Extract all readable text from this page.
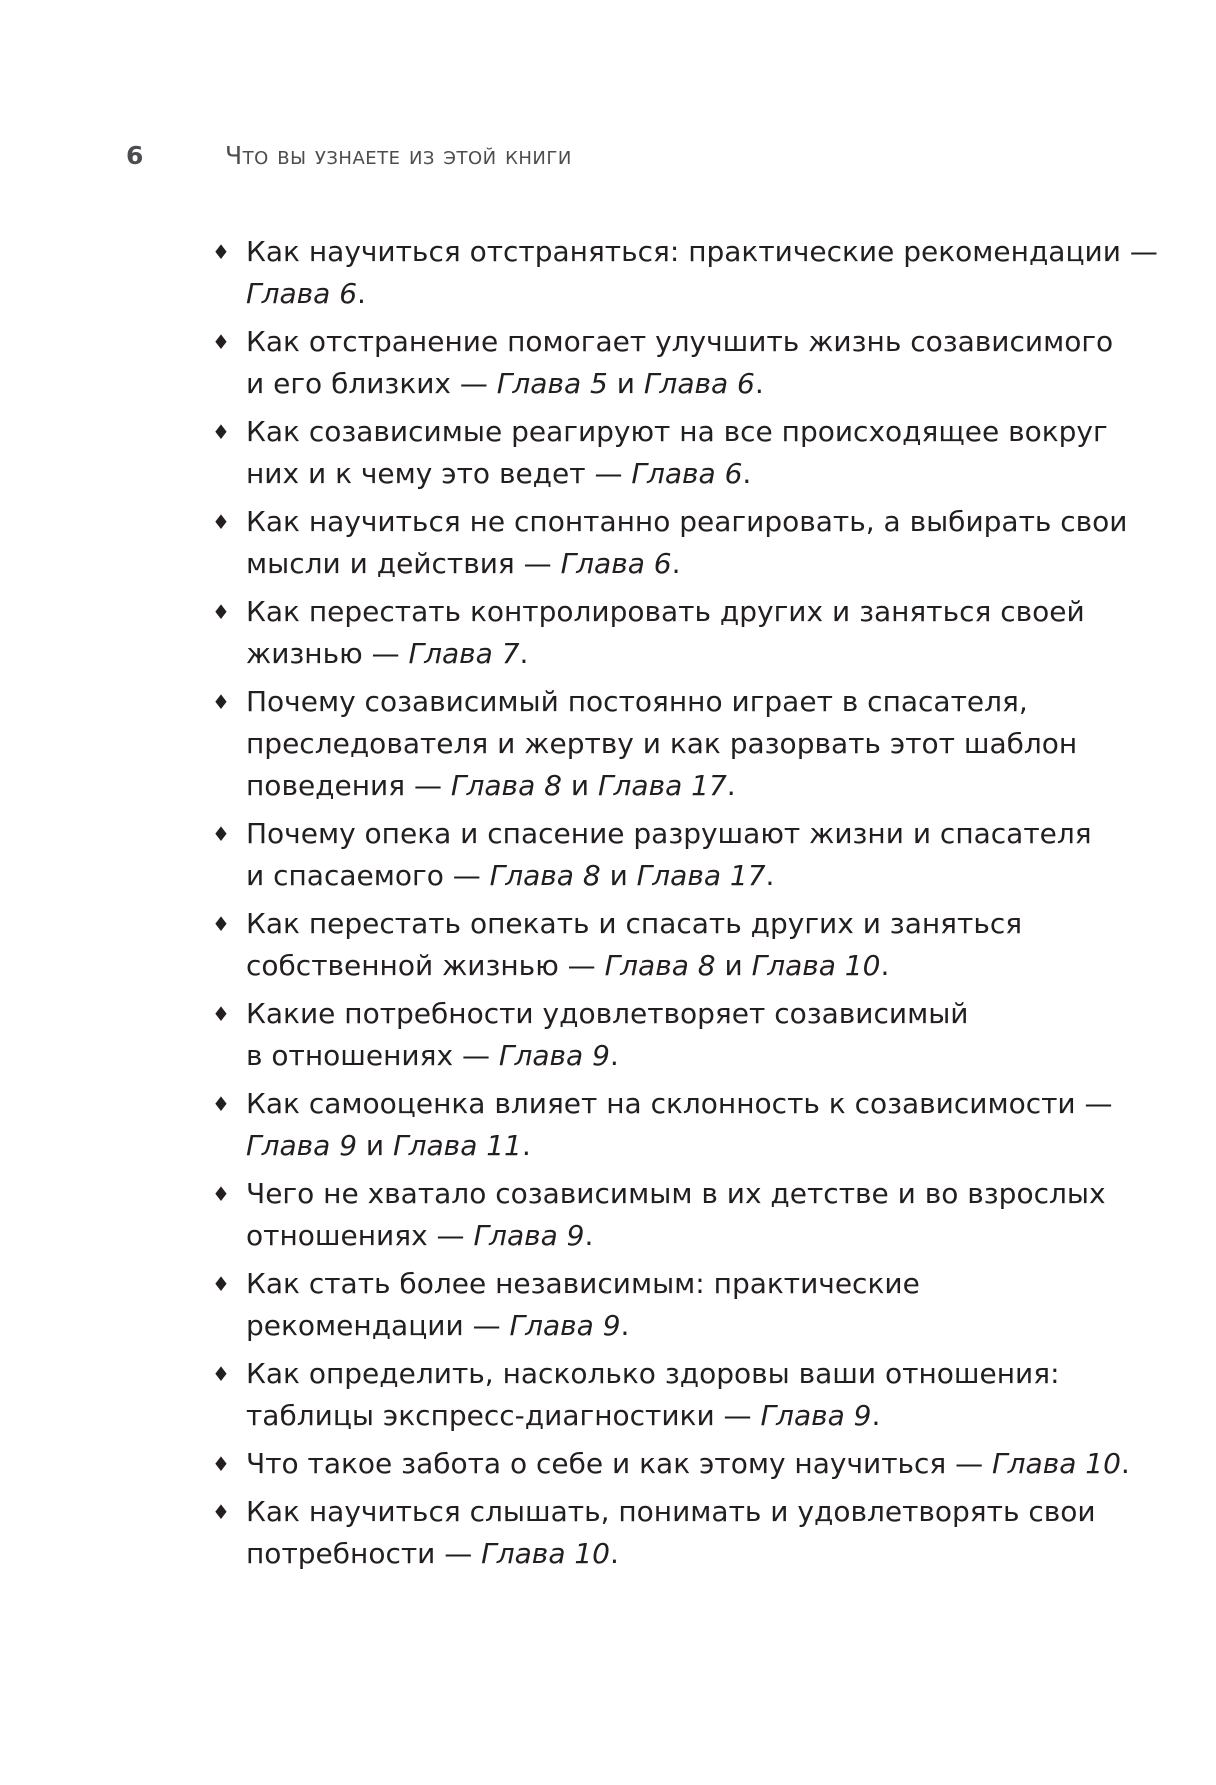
6	Что вы узнаете из этой книги
♦ Как научиться отстраняться: практические рекомендации —
Глава 6.
♦ Как отстранение помогает улучшить жизнь созависимого
и его близких — Глава 5 и Глава 6.
♦ Как созависимые реагируют на все происходящее вокруг
них и к чему это ведет — Глава 6.
♦ Как научиться не спонтанно реагировать, а выбирать свои
мысли и действия — Глава 6.
♦ Как перестать контролировать других и заняться своей
жизнью — Глава 7.
♦ Почему созависимый постоянно играет в спасателя,
преследователя и жертву и как разорвать этот шаблон
поведения — Глава 8 и Глава 17.
♦ Почему опека и спасение разрушают жизни и спасателя
и спасаемого — Глава 8 и Глава 17.
♦ Как перестать опекать и спасать других и заняться
собственной жизнью — Глава 8 и Глава 10.
♦ Какие потребности удовлетворяет созависимый
в отношениях — Глава 9.
♦ Как самооценка влияет на склонность к созависимости —
Глава 9 и Глава 11.
♦ Чего не хватало созависимым в их детстве и во взрослых
отношениях — Глава 9.
♦ Как стать более независимым: практические
рекомендации — Глава 9.
♦ Как определить, насколько здоровы ваши отношения:
таблицы экспресс-диагностики — Глава 9.
♦ Что такое забота о себе и как этому научиться — Глава 10.
♦ Как научиться слышать, понимать и удовлетворять свои
потребности — Глава 10.
